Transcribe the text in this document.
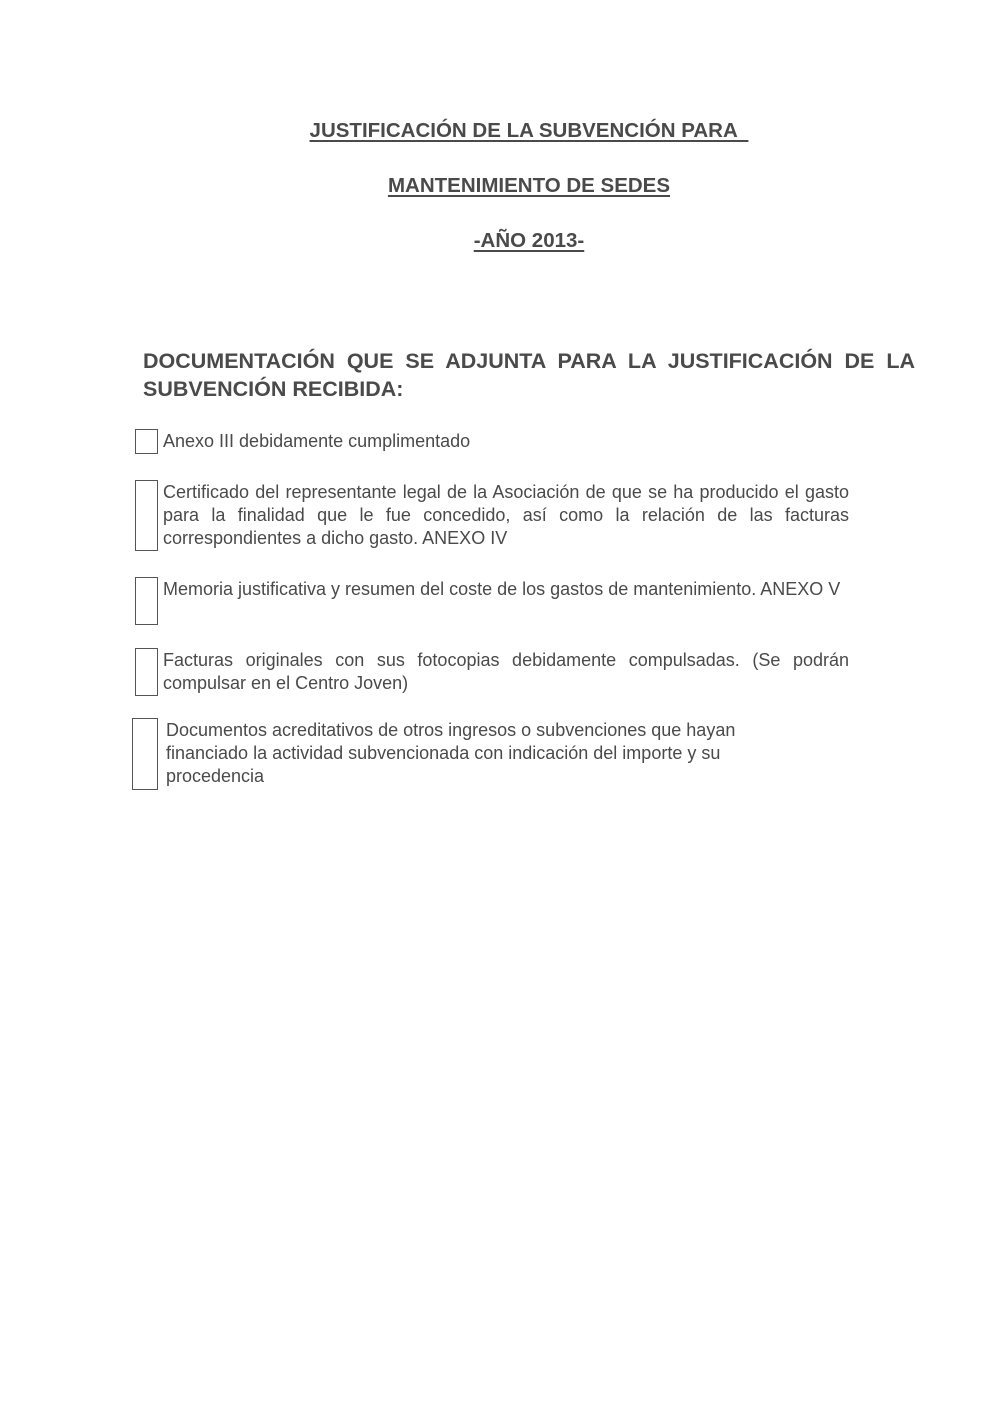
JUSTIFICACIÓN DE LA SUBVENCIÓN PARA
MANTENIMIENTO DE SEDES
-AÑO 2013-
DOCUMENTACIÓN QUE SE ADJUNTA PARA LA JUSTIFICACIÓN DE LA SUBVENCIÓN RECIBIDA:
Anexo III debidamente cumplimentado
Certificado del representante legal de la Asociación de que se ha producido el gasto para la finalidad que le fue concedido, así como la relación de las facturas correspondientes a dicho gasto. ANEXO IV
Memoria justificativa y resumen del coste de los gastos de mantenimiento. ANEXO V
Facturas originales con sus fotocopias debidamente compulsadas. (Se podrán compulsar en el Centro Joven)
Documentos acreditativos de otros ingresos o subvenciones que hayan financiado la actividad subvencionada con indicación del importe y su procedencia
